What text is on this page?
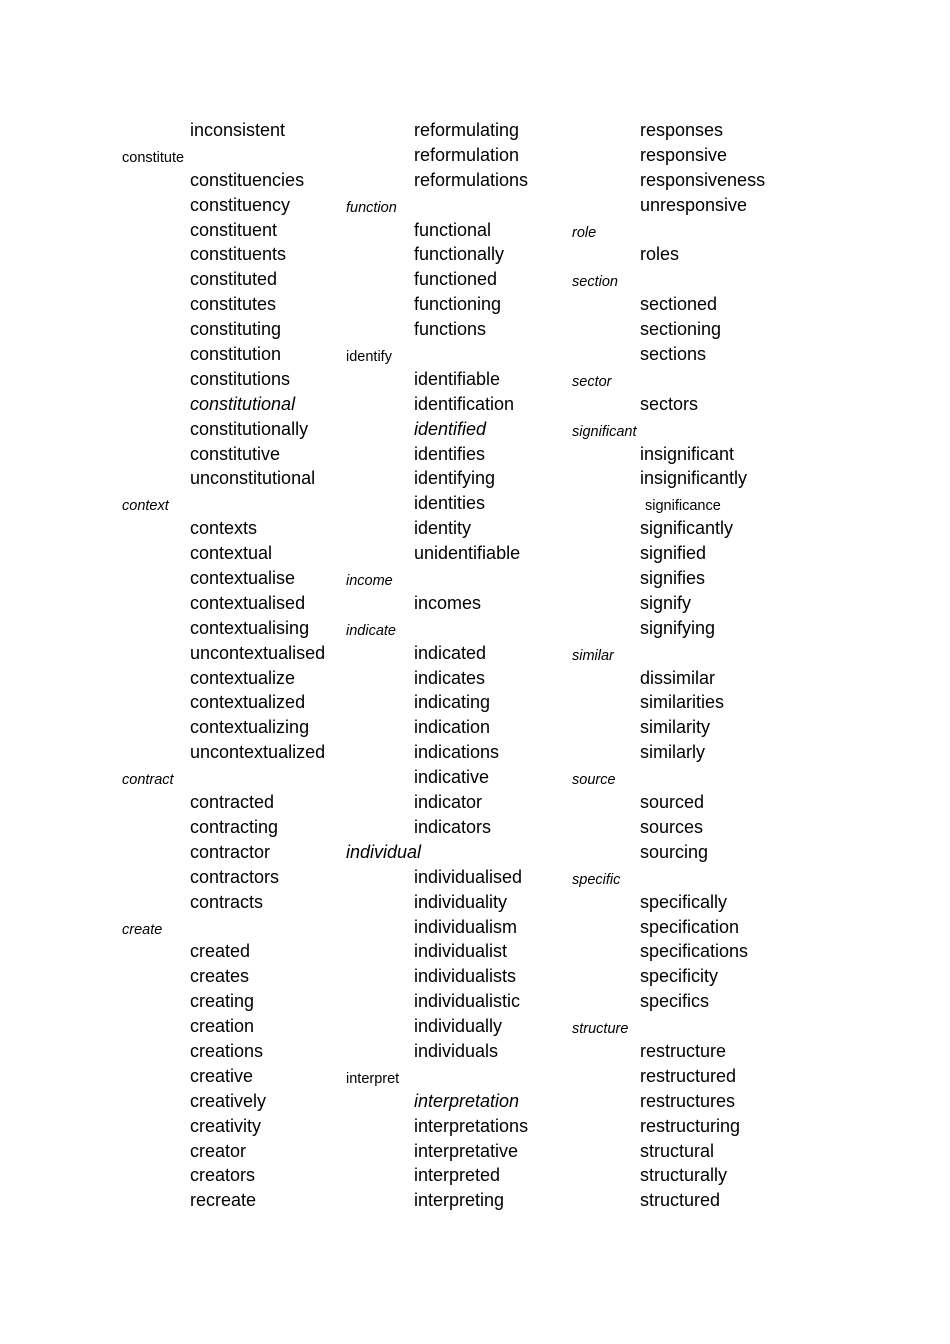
inconsistent
constitute
constituencies
constituency
constituent
constituents
constituted
constitutes
constituting
constitution
constitutions
constitutional
constitutionally
constitutive
unconstitutional
context
contexts
contextual
contextualise
contextualised
contextualising
uncontextualised
contextualize
contextualized
contextualizing
uncontextualized
contract
contracted
contracting
contractor
contractors
contracts
create
created
creates
creating
creation
creations
creative
creatively
creativity
creator
creators
recreate
reformulating
reformulation
reformulations
function
functional
functionally
functioned
functioning
functions
identify
identifiable
identification
identified
identifies
identifying
identities
identity
unidentifiable
income
incomes
indicate
indicated
indicates
indicating
indication
indications
indicative
indicator
indicators
individual
individualised
individuality
individualism
individualist
individualists
individualistic
individually
individuals
interpret
interpretation
interpretations
interpretative
interpreted
interpreting
responses
responsive
responsiveness
unresponsive
role
roles
section
sectioned
sectioning
sections
sector
sectors
significant
insignificant
insignificantly
significance
significantly
signified
signifies
signify
signifying
similar
dissimilar
similarities
similarity
similarly
source
sourced
sources
sourcing
specific
specifically
specification
specifications
specificity
specifics
structure
restructure
restructured
restructures
restructuring
structural
structurally
structured
